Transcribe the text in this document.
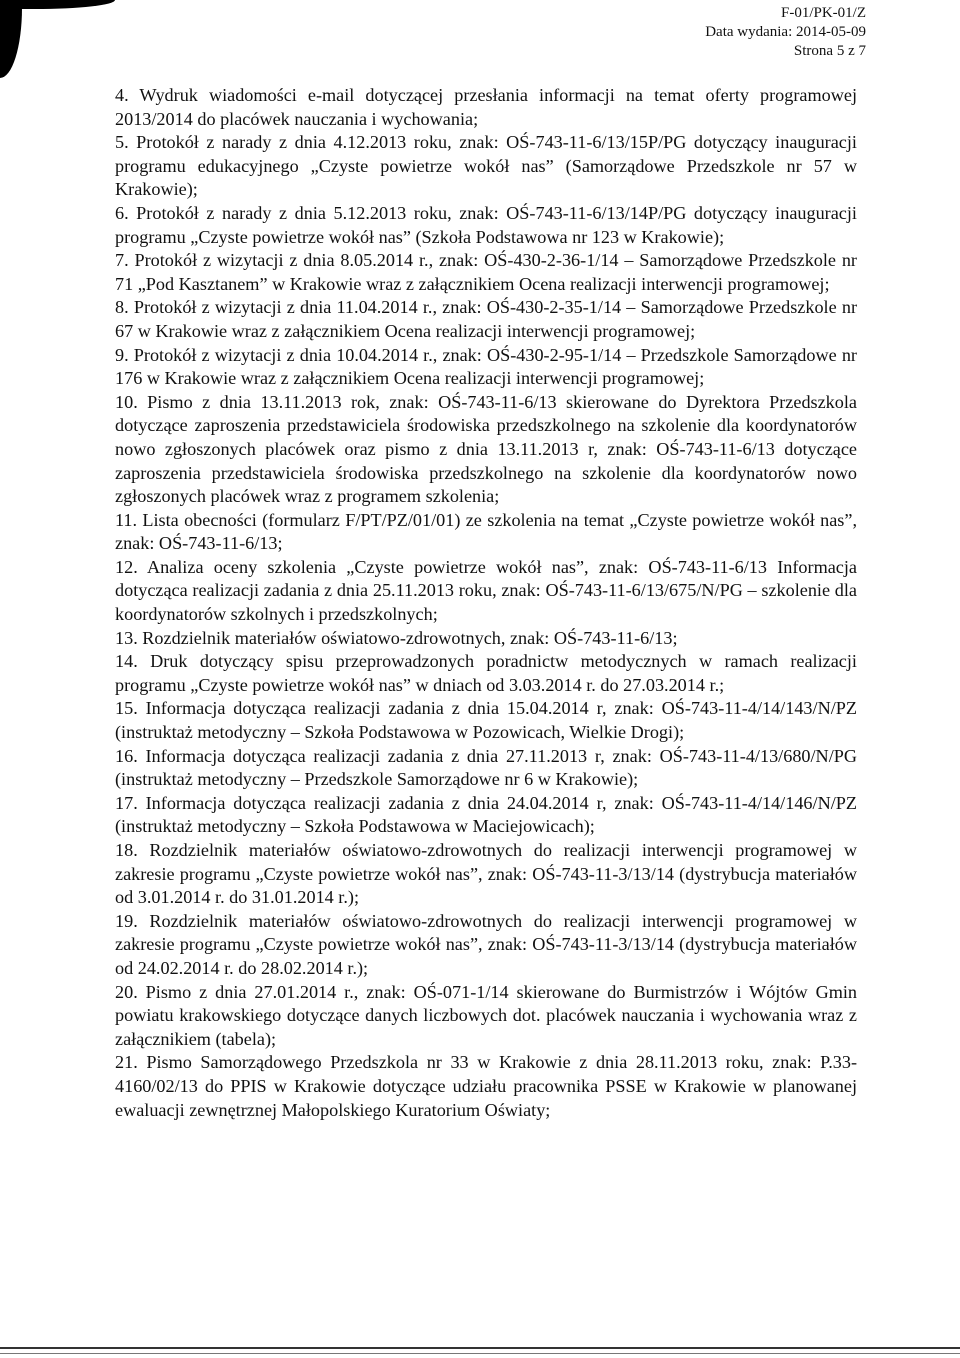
F-01/PK-01/Z
Data wydania: 2014-05-09
Strona 5 z 7

4. Wydruk wiadomości e-mail dotyczącej przesłania informacji na temat oferty programowej 2013/2014 do placówek nauczania i wychowania;

5. Protokół z narady z dnia 4.12.2013 roku, znak: OŚ-743-11-6/13/15P/PG dotyczący inauguracji programu edukacyjnego „Czyste powietrze wokół nas” (Samorządowe Przedszkole nr 57 w Krakowie);

6. Protokół z narady z dnia 5.12.2013 roku, znak: OŚ-743-11-6/13/14P/PG dotyczący inauguracji programu „Czyste powietrze wokół nas” (Szkoła Podstawowa nr 123 w Krakowie);

7. Protokół z wizytacji z dnia 8.05.2014 r., znak: OŚ-430-2-36-1/14 – Samorządowe Przedszkole nr 71 „Pod Kasztanem” w Krakowie wraz z załącznikiem Ocena realizacji interwencji programowej;

8. Protokół z wizytacji z dnia 11.04.2014 r., znak: OŚ-430-2-35-1/14 – Samorządowe Przedszkole nr 67 w Krakowie wraz z załącznikiem Ocena realizacji interwencji programowej;

9. Protokół z wizytacji z dnia 10.04.2014 r., znak: OŚ-430-2-95-1/14 – Przedszkole Samorządowe nr 176 w Krakowie wraz z załącznikiem Ocena realizacji interwencji programowej;

10. Pismo z dnia 13.11.2013 rok, znak: OŚ-743-11-6/13 skierowane do Dyrektora Przedszkola dotyczące zaproszenia przedstawiciela środowiska przedszkolnego na szkolenie dla koordynatorów nowo zgłoszonych placówek oraz pismo z dnia 13.11.2013 r, znak: OŚ-743-11-6/13 dotyczące zaproszenia przedstawiciela środowiska przedszkolnego na szkolenie dla koordynatorów nowo zgłoszonych placówek wraz z programem szkolenia;

11. Lista obecności (formularz F/PT/PZ/01/01) ze szkolenia na temat „Czyste powietrze wokół nas”, znak: OŚ-743-11-6/13;

12. Analiza oceny szkolenia „Czyste powietrze wokół nas”, znak: OŚ-743-11-6/13 Informacja dotycząca realizacji zadania z dnia 25.11.2013 roku, znak: OŚ-743-11-6/13/675/N/PG – szkolenie dla koordynatorów szkolnych i przedszkolnych;

13. Rozdzielnik materiałów oświatowo-zdrowotnych, znak: OŚ-743-11-6/13;

14. Druk dotyczący spisu przeprowadzonych poradnictw metodycznych w ramach realizacji programu „Czyste powietrze wokół nas” w dniach od 3.03.2014 r. do 27.03.2014 r.;

15. Informacja dotycząca realizacji zadania z dnia 15.04.2014 r, znak: OŚ-743-11-4/14/143/N/PZ (instruktaż metodyczny – Szkoła Podstawowa w Pozowicach, Wielkie Drogi);

16. Informacja dotycząca realizacji zadania z dnia 27.11.2013 r, znak: OŚ-743-11-4/13/680/N/PG (instruktaż metodyczny – Przedszkole Samorządowe nr 6 w Krakowie);

17. Informacja dotycząca realizacji zadania z dnia 24.04.2014 r, znak: OŚ-743-11-4/14/146/N/PZ (instruktaż metodyczny – Szkoła Podstawowa w Maciejowicach);

18. Rozdzielnik materiałów oświatowo-zdrowotnych do realizacji interwencji programowej w zakresie programu „Czyste powietrze wokół nas”, znak: OŚ-743-11-3/13/14 (dystrybucja materiałów od 3.01.2014 r. do 31.01.2014 r.);

19. Rozdzielnik materiałów oświatowo-zdrowotnych do realizacji interwencji programowej w zakresie programu „Czyste powietrze wokół nas”, znak: OŚ-743-11-3/13/14 (dystrybucja materiałów od 24.02.2014 r. do 28.02.2014 r.);

20. Pismo z dnia 27.01.2014 r., znak: OŚ-071-1/14 skierowane do Burmistrzów i Wójtów Gmin powiatu krakowskiego dotyczące danych liczbowych dot. placówek nauczania i wychowania wraz z załącznikiem (tabela);

21. Pismo Samorządowego Przedszkola nr 33 w Krakowie z dnia 28.11.2013 roku, znak: P.33-4160/02/13 do PPIS w Krakowie dotyczące udziału pracownika PSSE w Krakowie w planowanej ewaluacji zewnętrznej Małopolskiego Kuratorium Oświaty;
